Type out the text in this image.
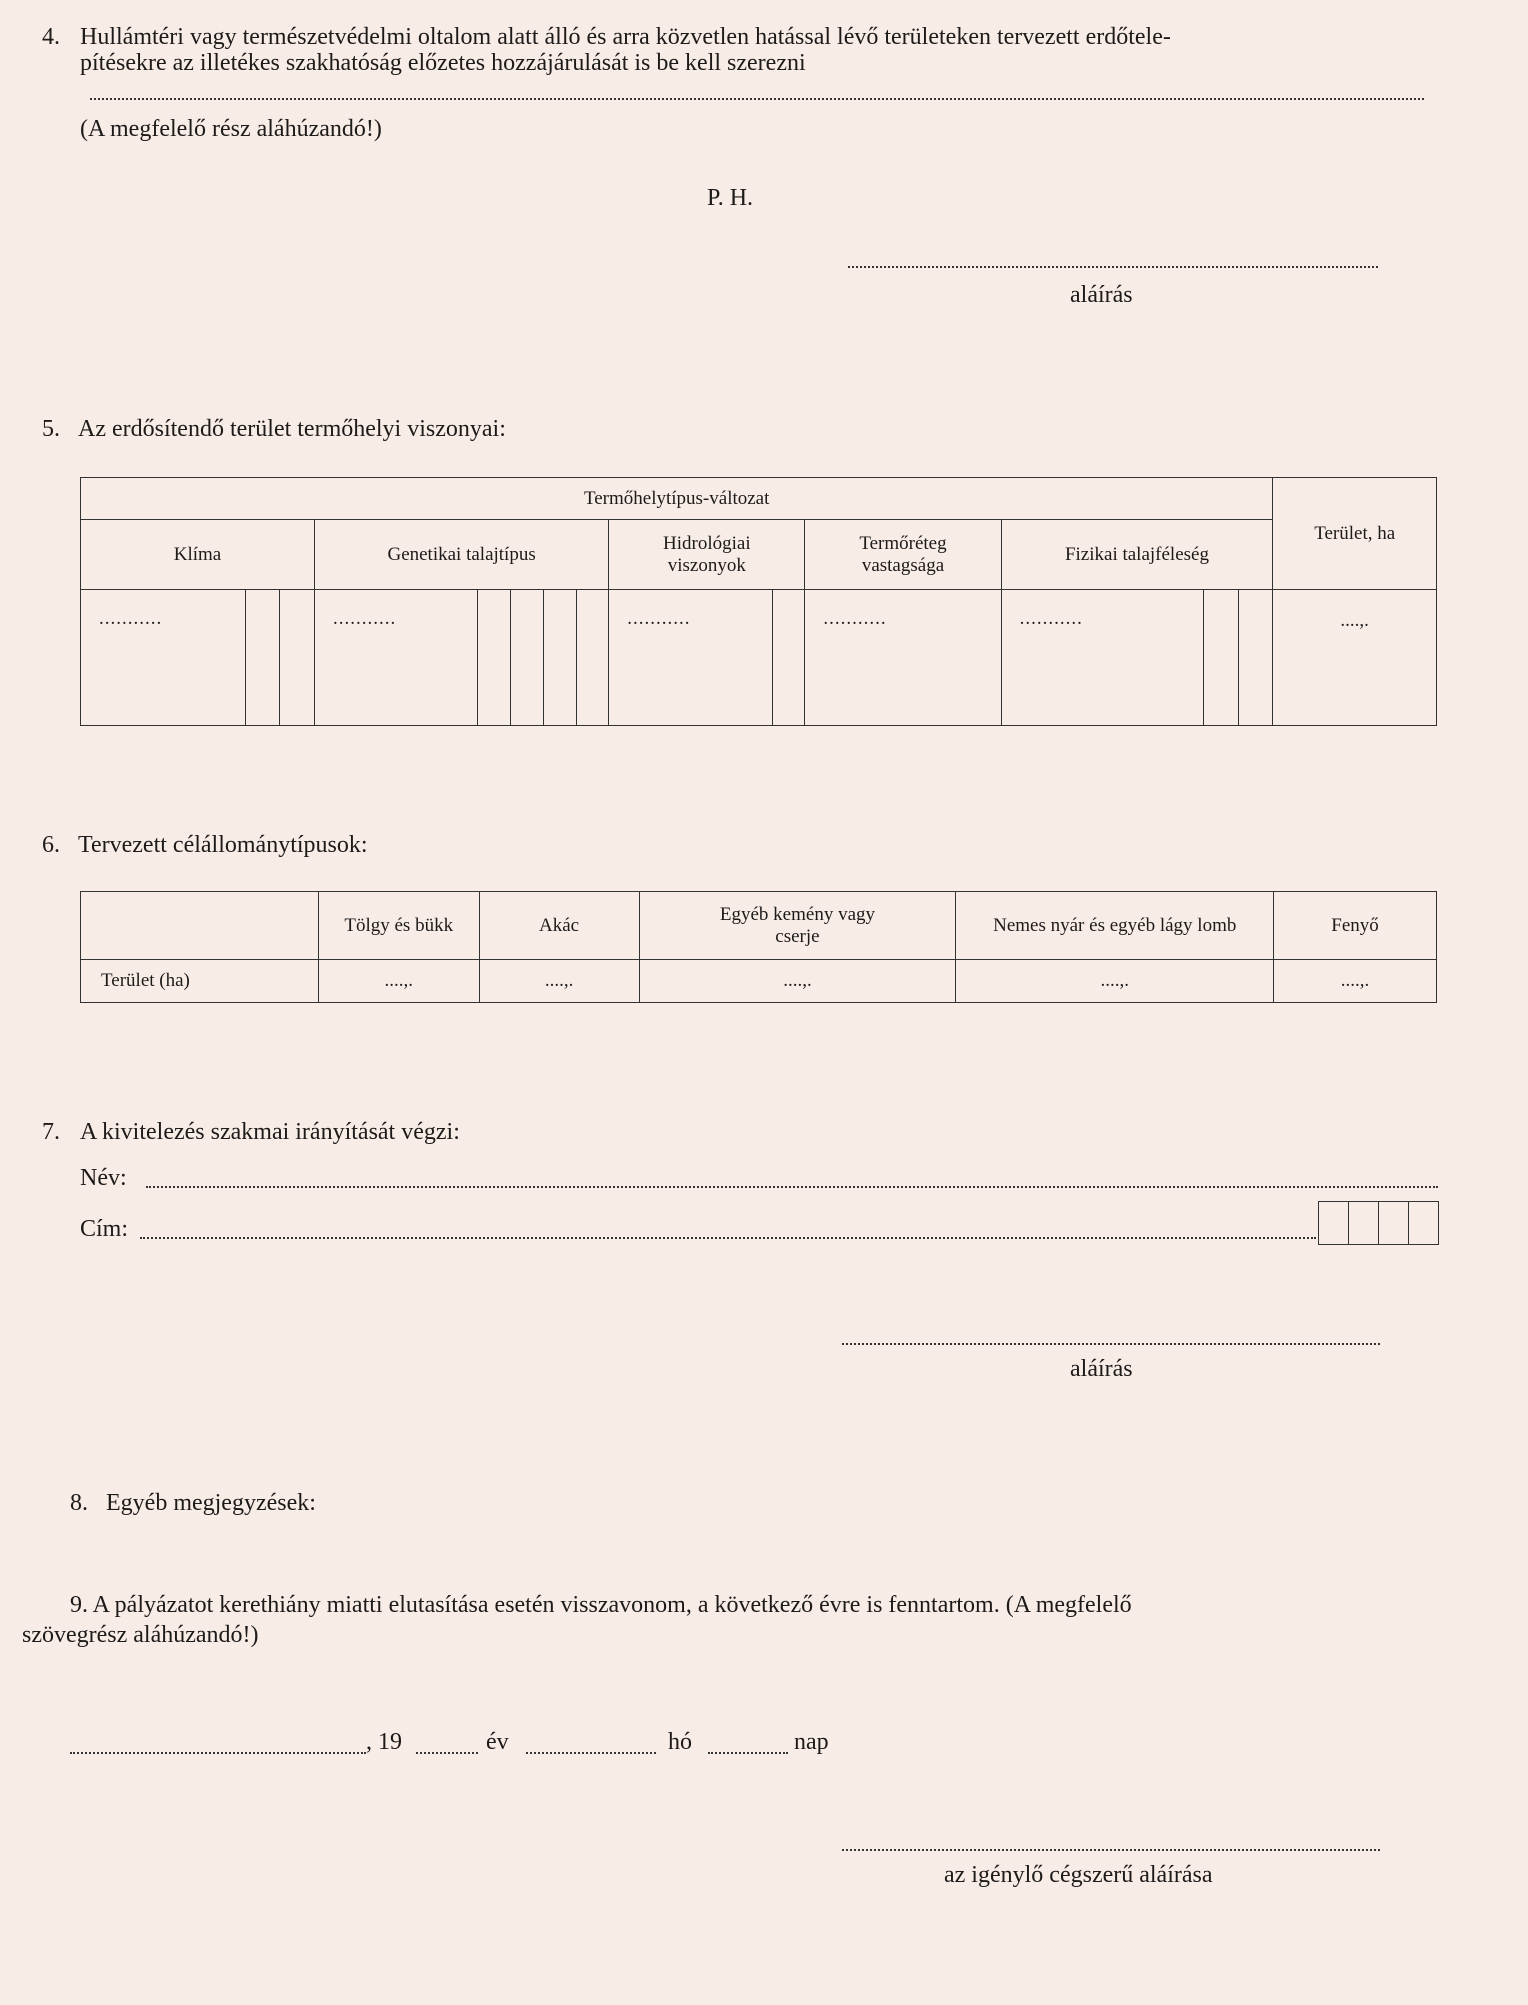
4. Hullámtéri vagy természetvédelmi oltalom alatt álló és arra közvetlen hatással lévő területeken tervezett erdőtele-
pítésekre az illetékes szakhatóság előzetes hozzájárulását is be kell szerezni
(A megfelelő rész aláhúzandó!)
P. H.
aláírás
5. Az erdősítendő terület termőhelyi viszonyai:
Termőhelytípus-változat														Terület, ha
Klíma			Genetikai talajtípus					Hidrológiai viszonyok		Termőréteg vastagsága	Fizikai talajféleség			
...........			...........					...........		...........	...........			....,.
6. Tervezett célállománytípusok:
	Tölgy és bükk	Akác	Egyéb kemény vagy cserje	Nemes nyár és egyéb lágy lomb	Fenyő
Terület (ha)	....,.	....,.	....,.	....,.	....,.
7. A kivitelezés szakmai irányítását végzi:
Név:
Cím:
aláírás
8. Egyéb megjegyzések:
9. A pályázatot kerethiány miatti elutasítása esetén visszavonom, a következő évre is fenntartom. (A megfelelő
szövegrész aláhúzandó!)
, 19	év	hó	nap
az igénylő cégszerű aláírása
